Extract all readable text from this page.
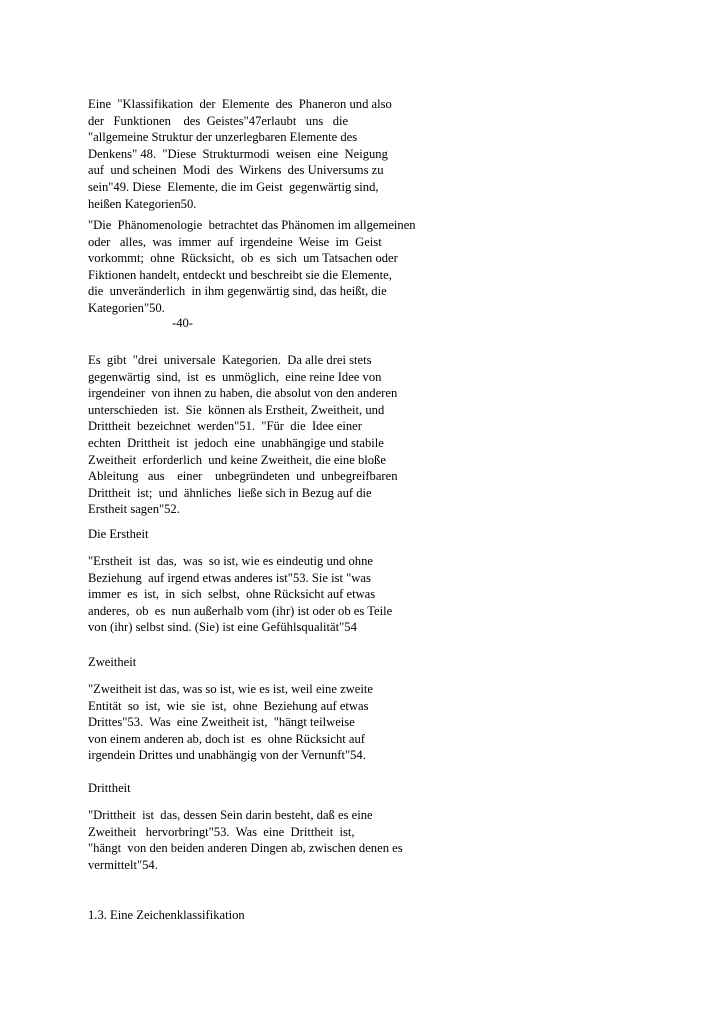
Eine  "Klassifikation  der  Elemente  des  Phaneron und also
der   Funktionen    des  Geistes"47erlaubt   uns   die
"allgemeine Struktur der unzerlegbaren Elemente des
Denkens" 48.  "Diese  Strukturmodi  weisen  eine  Neigung
auf  und scheinen  Modi  des  Wirkens  des Universums zu
sein"49. Diese  Elemente, die im Geist  gegenwärtig sind,
heißen Kategorien50.
"Die  Phänomenologie  betrachtet das Phänomen im allgemeinen
oder   alles,  was  immer  auf  irgendeine  Weise  im  Geist
vorkommt;  ohne  Rücksicht,  ob  es  sich  um Tatsachen oder
Fiktionen handelt, entdeckt und beschreibt sie die Elemente,
die  unveränderlich  in ihm gegenwärtig sind, das heißt, die
Kategorien"50.
-40-
Es  gibt  "drei  universale  Kategorien.  Da alle drei stets
gegenwärtig  sind,  ist  es  unmöglich,  eine reine Idee von
irgendeiner  von ihnen zu haben, die absolut von den anderen
unterschieden  ist.  Sie  können als Erstheit, Zweitheit, und
Drittheit  bezeichnet  werden"51.  "Für  die  Idee einer
echten  Drittheit  ist  jedoch  eine  unabhängige und stabile
Zweitheit  erforderlich  und keine Zweitheit, die eine bloße
Ableitung   aus    einer    unbegründeten  und  unbegreifbaren
Drittheit  ist;  und  ähnliches  ließe sich in Bezug auf die
Erstheit sagen"52.
Die Erstheit
"Erstheit  ist  das,  was  so ist, wie es eindeutig und ohne
Beziehung  auf irgend etwas anderes ist"53. Sie ist "was
immer  es  ist,  in  sich  selbst,  ohne Rücksicht auf etwas
anderes,  ob  es  nun außerhalb vom (ihr) ist oder ob es Teile
von (ihr) selbst sind. (Sie) ist eine Gefühlsqualität"54
Zweitheit
"Zweitheit ist das, was so ist, wie es ist, weil eine zweite
Entität  so  ist,  wie  sie  ist,  ohne  Beziehung auf etwas
Drittes"53.  Was  eine Zweitheit ist,  "hängt teilweise
von einem anderen ab, doch ist  es  ohne Rücksicht auf
irgendein Drittes und unabhängig von der Vernunft"54.
Drittheit
"Drittheit  ist  das, dessen Sein darin besteht, daß es eine
Zweitheit   hervorbringt"53.  Was  eine  Drittheit  ist,
"hängt  von den beiden anderen Dingen ab, zwischen denen es
vermittelt"54.
1.3. Eine Zeichenklassifikation
